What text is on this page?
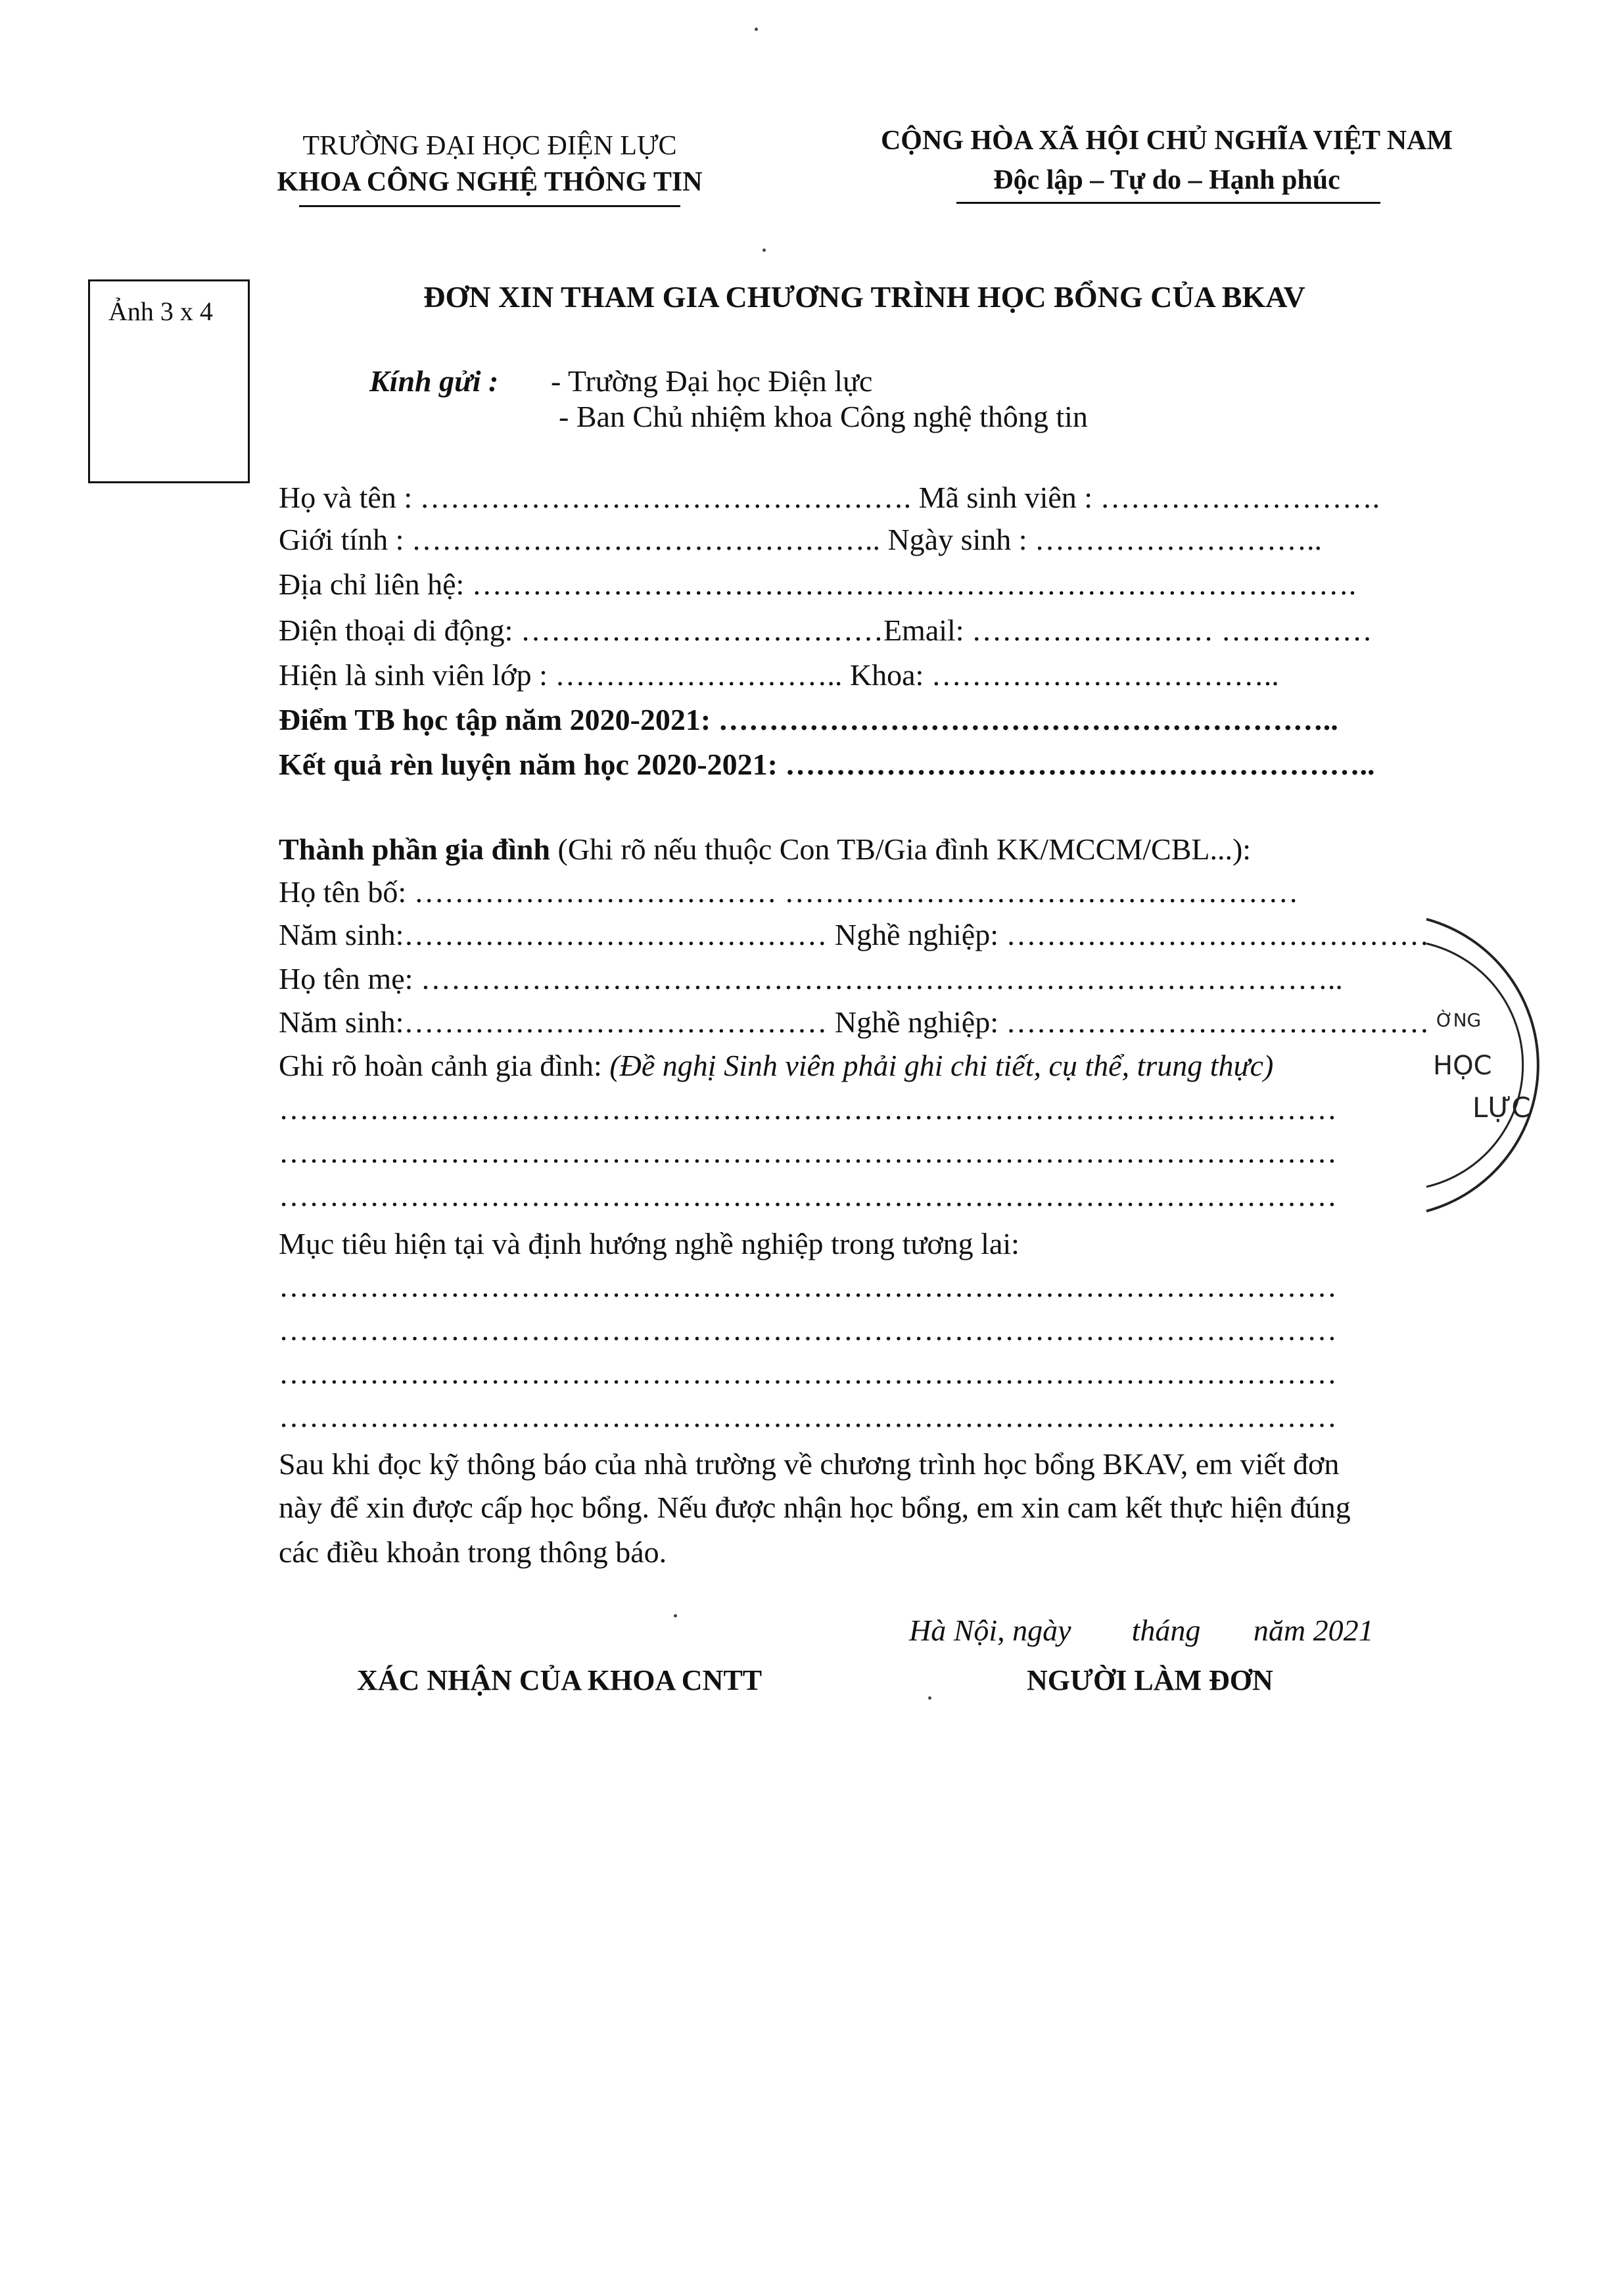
TRƯỜNG ĐẠI HỌC ĐIỆN LỰC
KHOA CÔNG NGHỆ THÔNG TIN
CỘNG HÒA XÃ HỘI CHỦ NGHĨA VIỆT NAM
Độc lập – Tự do – Hạnh phúc
Ảnh 3 x 4	ĐƠN XIN THAM GIA CHƯƠNG TRÌNH HỌC BỔNG CỦA BKAV
Kính gửi : - Trường Đại học Điện lực
- Ban Chủ nhiệm khoa Công nghệ thông tin
Họ và tên : …………………………………………. Mã sinh viên : ……………………….
Giới tính : ……………………………………….. Ngày sinh : ………………………..
Địa chỉ liên hệ: …………………………………………………………………………….
Điện thoại di động: ………………………………Email: …………………… ……………
Hiện là sinh viên lớp : ……………………….. Khoa: ……………………………..
Điểm TB học tập năm 2020-2021: ……………………………………………………..
Kết quả rèn luyện năm học 2020-2021: …………………………………………………..
Thành phần gia đình (Ghi rõ nếu thuộc Con TB/Gia đình KK/MCCM/CBL...):
Họ tên bố: ……………………………… ……………………………………………
Năm sinh:…………………………………… Nghề nghiệp: ……………………………………
Họ tên mẹ: ………………………………………………………………………………..
Năm sinh:…………………………………… Nghề nghiệp: ……………………………………
Ghi rõ hoàn cảnh gia đình: (Đề nghị Sinh viên phải ghi chi tiết, cụ thể, trung thực)
……………………………………………………………………………………………
……………………………………………………………………………………………
……………………………………………………………………………………………
Mục tiêu hiện tại và định hướng nghề nghiệp trong tương lai:
……………………………………………………………………………………………
……………………………………………………………………………………………
……………………………………………………………………………………………
……………………………………………………………………………………………
Sau khi đọc kỹ thông báo của nhà trường về chương trình học bổng BKAV, em viết đơn
này để xin được cấp học bổng. Nếu được nhận học bổng, em xin cam kết thực hiện đúng
các điều khoản trong thông báo.
Hà Nội, ngày        tháng       năm 2021
XÁC NHẬN CỦA KHOA CNTT	NGƯỜI LÀM ĐƠN
ỜNG
HỌC
LỰC
